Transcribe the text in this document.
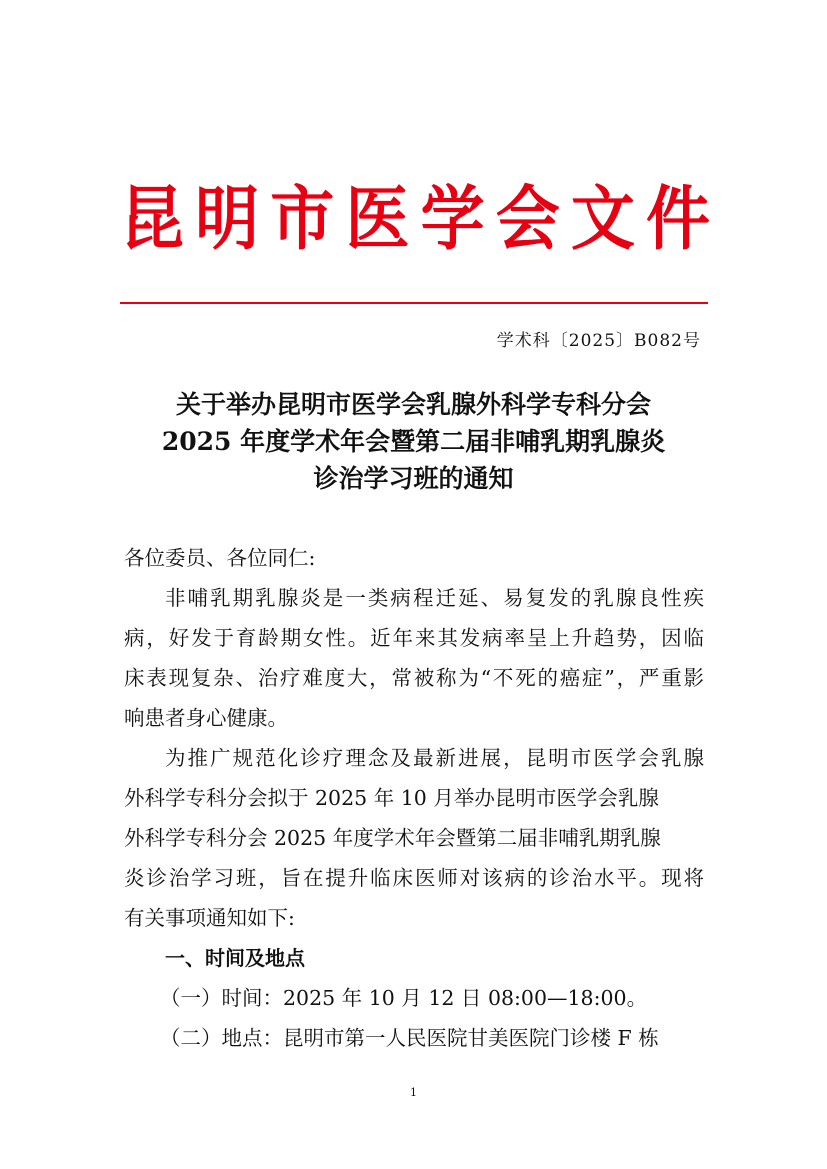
昆 明 市 医 学 会 文 件
学术科〔2025〕B082号
关于举办昆明市医学会乳腺外科学专科分会
2025 年度学术年会暨第二届非哺乳期乳腺炎
诊治学习班的通知
各位委员、各位同仁:
非哺乳期乳腺炎是一类病程迁延、易复发的乳腺良性疾
病，好发于育龄期女性。近年来其发病率呈上升趋势，因临
床表现复杂、治疗难度大，常被称为“不死的癌症”，严重影
响患者身心健康。
为推广规范化诊疗理念及最新进展，昆明市医学会乳腺
外科学专科分会拟于 2025 年 10 月举办昆明市医学会乳腺
外科学专科分会 2025 年度学术年会暨第二届非哺乳期乳腺
炎诊治学习班，旨在提升临床医师对该病的诊治水平。现将
有关事项通知如下:
一、时间及地点
（一）时间：2025 年 10 月 12 日 08:00—18:00。
（二）地点：昆明市第一人民医院甘美医院门诊楼 F 栋
1
